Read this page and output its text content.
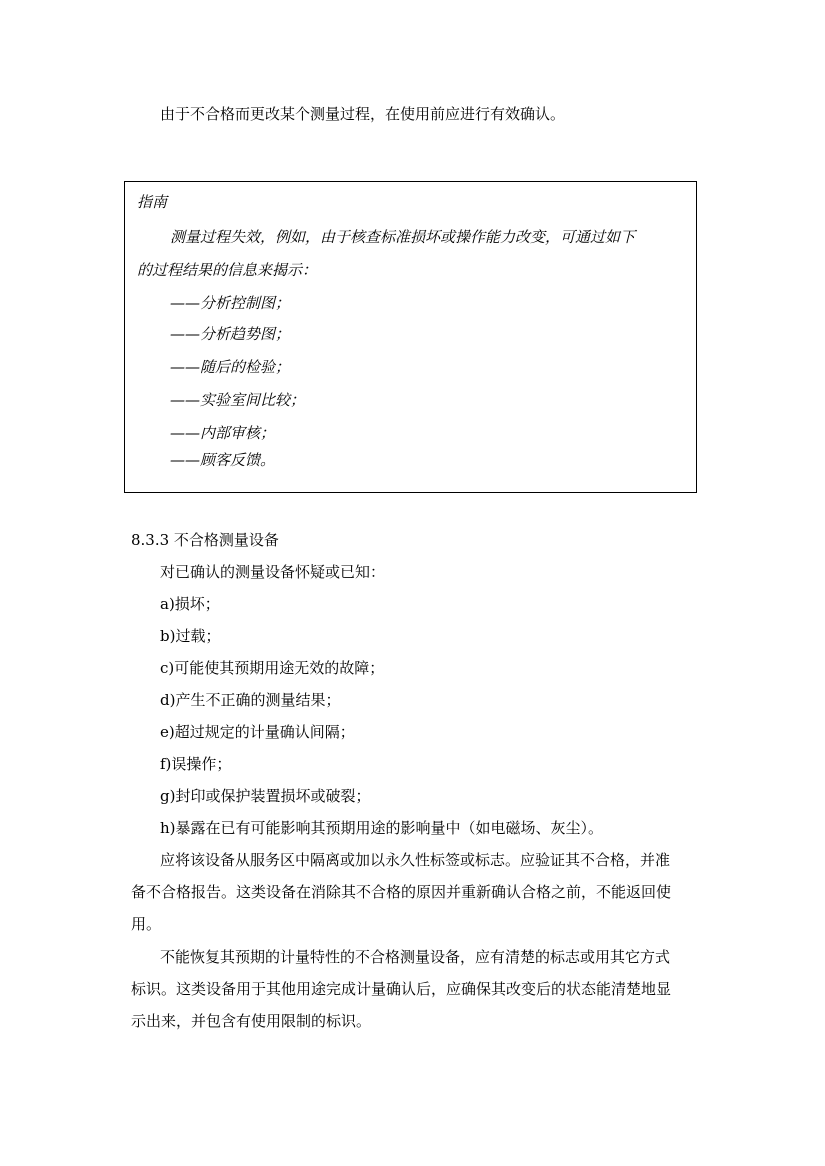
由于不合格而更改某个测量过程，在使用前应进行有效确认。
指南
测量过程失效，例如，由于核查标准损坏或操作能力改变，可通过如下
的过程结果的信息来揭示：
——分析控制图；
——分析趋势图；
——随后的检验；
——实验室间比较；
——内部审核；
——顾客反馈。
8.3.3 不合格测量设备
对已确认的测量设备怀疑或已知：
a)损坏；
b)过载；
c)可能使其预期用途无效的故障；
d)产生不正确的测量结果；
e)超过规定的计量确认间隔；
f)误操作；
g)封印或保护装置损坏或破裂；
h)暴露在已有可能影响其预期用途的影响量中（如电磁场、灰尘）。
应将该设备从服务区中隔离或加以永久性标签或标志。应验证其不合格，并准
备不合格报告。这类设备在消除其不合格的原因并重新确认合格之前，不能返回使
用。
不能恢复其预期的计量特性的不合格测量设备，应有清楚的标志或用其它方式
标识。这类设备用于其他用途完成计量确认后，应确保其改变后的状态能清楚地显
示出来，并包含有使用限制的标识。
